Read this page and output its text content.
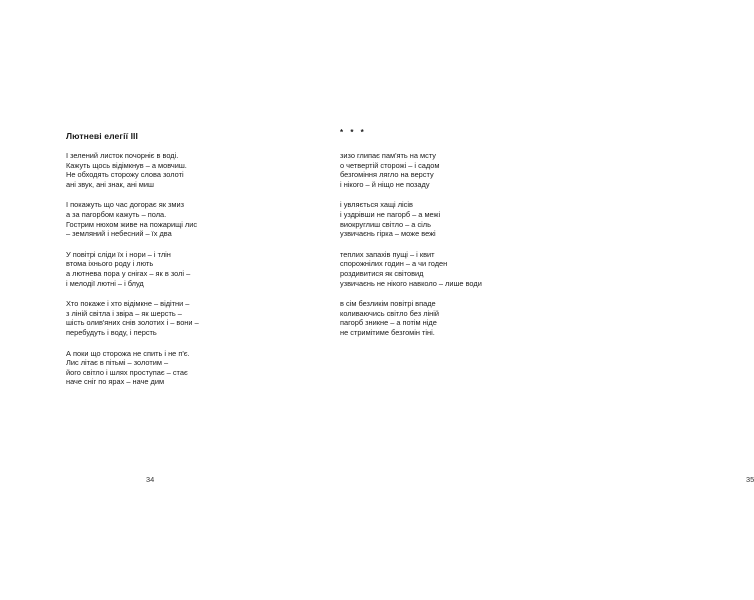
Лютневі елегії ІІІ
І зелений листок почорніє в воді.
Кажуть щось відімкнув – а мовчиш.
Не обходять сторожу слова золоті
ані звук, ані знак, ані миш
І покажуть що час догорає як змиз
а за пагорбом кажуть – пола.
Гострим нюхом живе на пожарищі лис
– земляний і небесний – їх два
У повітрі сліди їх і нори – і тлін
втома іхнього роду і лють
а лютнева пора у снігах – як в золі –
і мелодії лютні – і блуд
Хто покаже і хто відімкне – відітни –
з ліній світла і звіра – як шерсть –
шість олив'яних снів золотих і – вони –
перебудуть і воду, і персть
А поки що сторожа не спить і не п'є.
Лис літає в пітьмі – золотим –
його світло і шлях проступає – стає
наче сніг по ярах – наче дим
34	35
* * *
зизо глипає пам'ять на мсту
о четвертій сторожі – і садом
безгоміння лягло на версту
і нікого – й ніщо не позаду
і увляється хащі лісів
і уздрівши не пагорб – а межі
виокруглиш світло – а сіль
узвичаєнь гірка – може вежі
теплих запахів пущі – і квит
спорожнілих годин – а чи годен
роздивитися як світовид
узвичаєнь не нікого навколо – лише води
в сім безликім повітрі впаде
коливаючись світло без ліній
пагорб зникне – а потім ніде
не стримітиме безгомін тіні.
